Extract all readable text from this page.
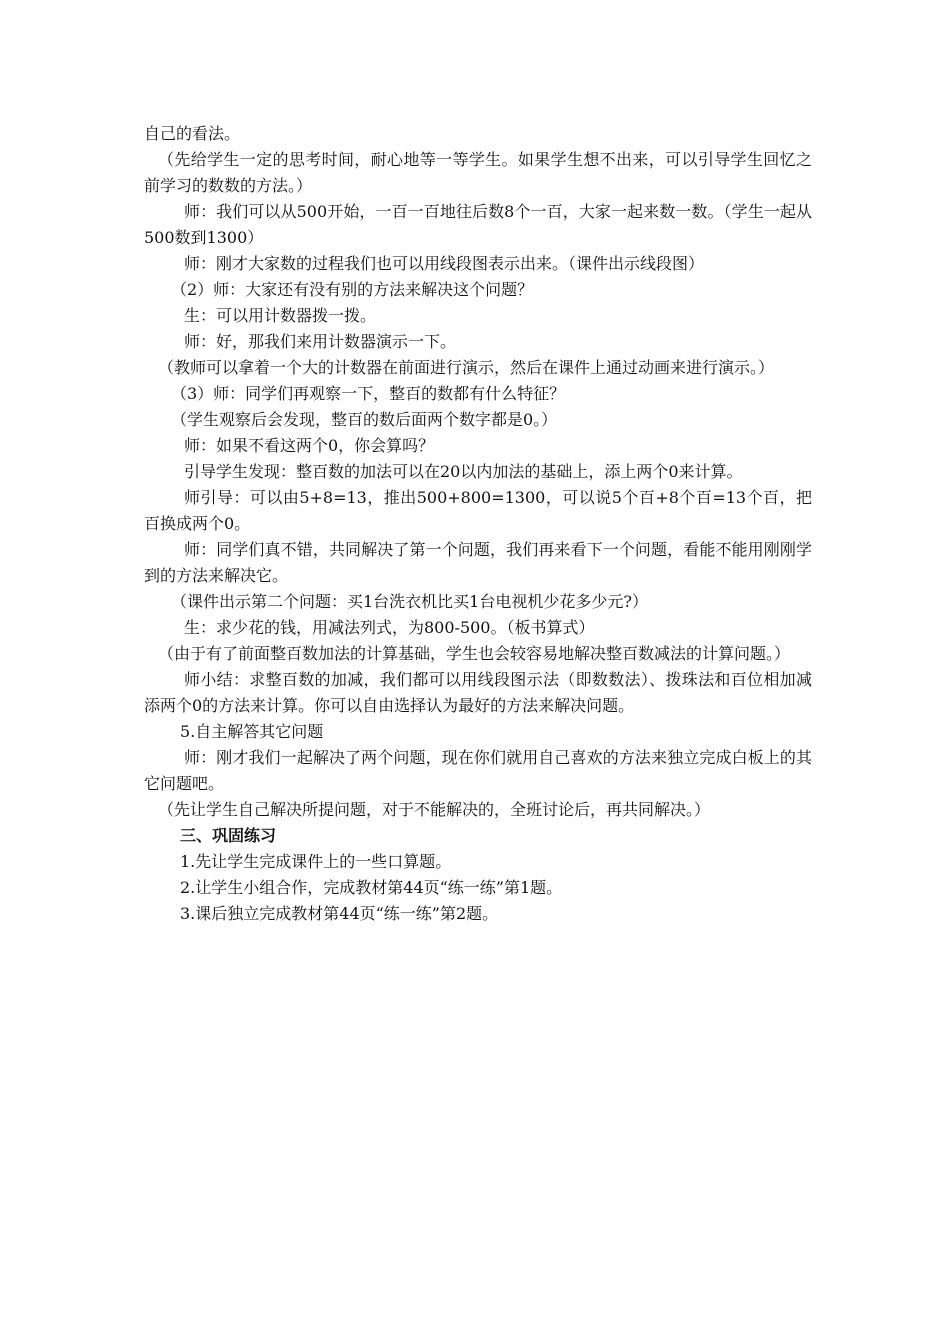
自己的看法。

（先给学生一定的思考时间，耐心地等一等学生。如果学生想不出来，可以引导学生回忆之前学习的数数的方法。）

师：我们可以从500开始，一百一百地往后数8个一百，大家一起来数一数。（学生一起从500数到1300）

师：刚才大家数的过程我们也可以用线段图表示出来。（课件出示线段图）

（2）师：大家还有没有别的方法来解决这个问题？

生：可以用计数器拨一拨。

师：好，那我们来用计数器演示一下。

（教师可以拿着一个大的计数器在前面进行演示，然后在课件上通过动画来进行演示。）

（3）师：同学们再观察一下，整百的数都有什么特征？

（学生观察后会发现，整百的数后面两个数字都是0。）

师：如果不看这两个0，你会算吗？

引导学生发现：整百数的加法可以在20以内加法的基础上，添上两个0来计算。

师引导：可以由5+8=13，推出500+800=1300，可以说5个百+8个百=13个百，把百换成两个0。

师：同学们真不错，共同解决了第一个问题，我们再来看下一个问题，看能不能用刚刚学到的方法来解决它。

（课件出示第二个问题：买1台洗衣机比买1台电视机少花多少元?）

生：求少花的钱，用减法列式，为800-500。（板书算式）

（由于有了前面整百数加法的计算基础，学生也会较容易地解决整百数减法的计算问题。）

师小结：求整百数的加减，我们都可以用线段图示法（即数数法）、拨珠法和百位相加减添两个0的方法来计算。你可以自由选择认为最好的方法来解决问题。

5.自主解答其它问题

师：刚才我们一起解决了两个问题，现在你们就用自己喜欢的方法来独立完成白板上的其它问题吧。

（先让学生自己解决所提问题，对于不能解决的，全班讨论后，再共同解决。）

三、巩固练习

1.先让学生完成课件上的一些口算题。

2.让学生小组合作，完成教材第44页“练一练”第1题。

3.课后独立完成教材第44页“练一练”第2题。
